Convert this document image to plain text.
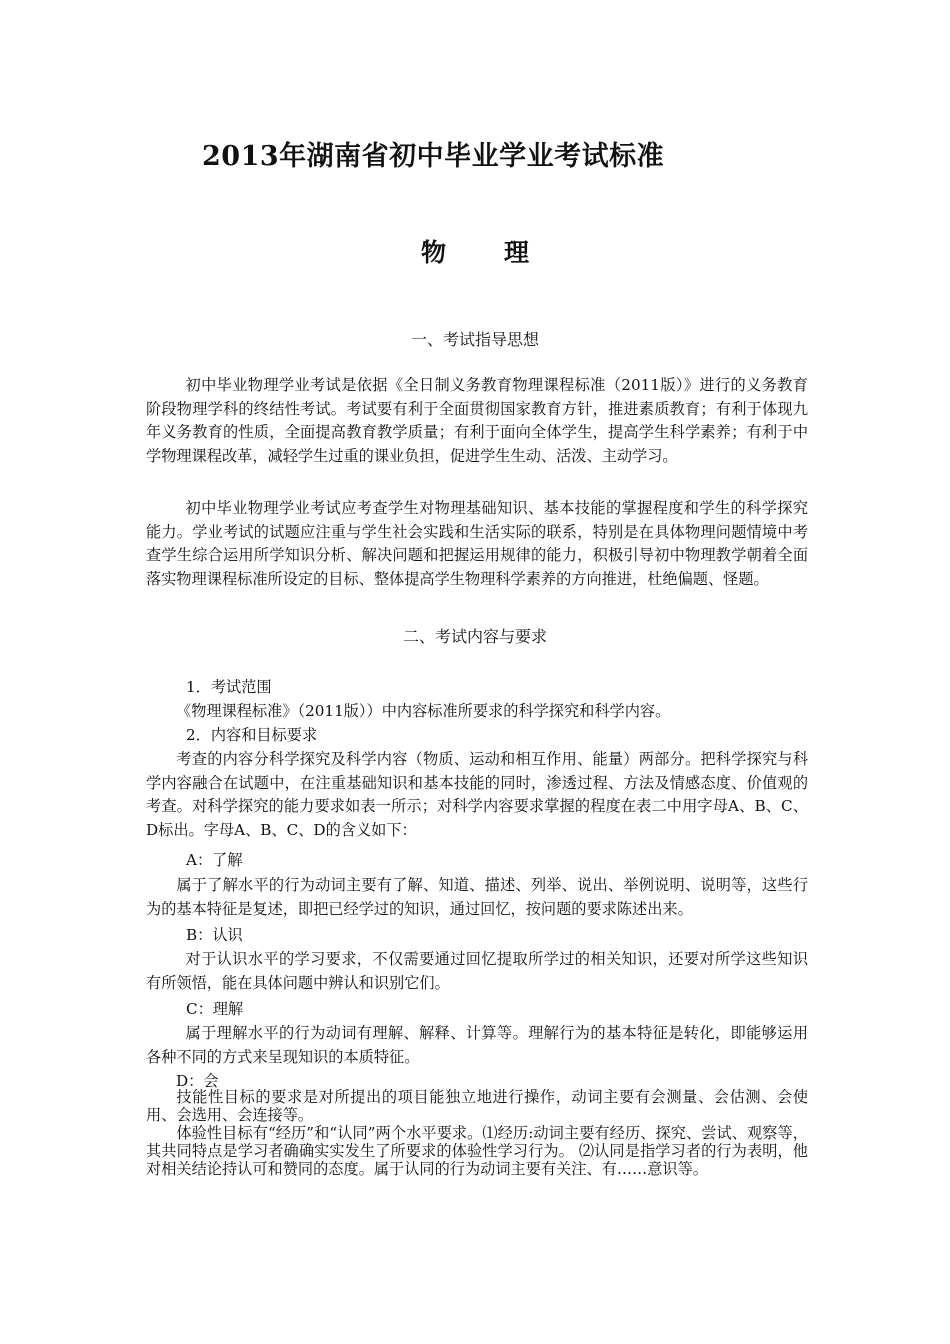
2013年湖南省初中毕业学业考试标准
物理
一、考试指导思想
初中毕业物理学业考试是依据《全日制义务教育物理课程标准（2011版）》进行的义务教育阶段物理学科的终结性考试。考试要有利于全面贯彻国家教育方针，推进素质教育；有利于体现九年义务教育的性质，全面提高教育教学质量；有利于面向全体学生，提高学生科学素养；有利于中学物理课程改革，减轻学生过重的课业负担，促进学生生动、活泼、主动学习。
初中毕业物理学业考试应考查学生对物理基础知识、基本技能的掌握程度和学生的科学探究能力。学业考试的试题应注重与学生社会实践和生活实际的联系，特别是在具体物理问题情境中考查学生综合运用所学知识分析、解决问题和把握运用规律的能力，积极引导初中物理教学朝着全面落实物理课程标准所设定的目标、整体提高学生物理科学素养的方向推进，杜绝偏题、怪题。
二、考试内容与要求
1．考试范围
《物理课程标准》（2011版））中内容标准所要求的科学探究和科学内容。
2．内容和目标要求
考查的内容分科学探究及科学内容（物质、运动和相互作用、能量）两部分。把科学探究与科学内容融合在试题中，在注重基础知识和基本技能的同时，渗透过程、方法及情感态度、价值观的考查。对科学探究的能力要求如表一所示；对科学内容要求掌握的程度在表二中用字母A、B、C、D标出。字母A、B、C、D的含义如下：
A：了解
属于了解水平的行为动词主要有了解、知道、描述、列举、说出、举例说明、说明等，这些行为的基本特征是复述，即把已经学过的知识，通过回忆，按问题的要求陈述出来。
B：认识
对于认识水平的学习要求，不仅需要通过回忆提取所学过的相关知识，还要对所学这些知识有所领悟，能在具体问题中辨认和识别它们。
C：理解
属于理解水平的行为动词有理解、解释、计算等。理解行为的基本特征是转化，即能够运用各种不同的方式来呈现知识的本质特征。
D：会
技能性目标的要求是对所提出的项目能独立地进行操作，动词主要有会测量、会估测、会使用、会选用、会连接等。
体验性目标有“经历”和“认同”两个水平要求。⑴经历:动词主要有经历、探究、尝试、观察等，其共同特点是学习者确确实实发生了所要求的体验性学习行为。 ⑵认同是指学习者的行为表明，他对相关结论持认可和赞同的态度。属于认同的行为动词主要有关注、有……意识等。
